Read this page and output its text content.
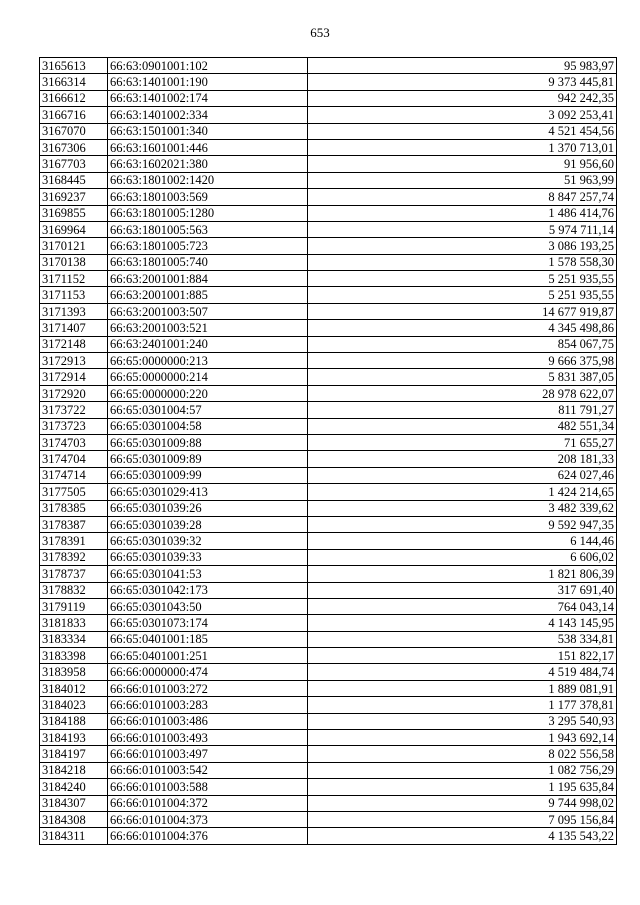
653
3165613	66:63:0901001:102	95 983,97
3166314	66:63:1401001:190	9 373 445,81
3166612	66:63:1401002:174	942 242,35
3166716	66:63:1401002:334	3 092 253,41
3167070	66:63:1501001:340	4 521 454,56
3167306	66:63:1601001:446	1 370 713,01
3167703	66:63:1602021:380	91 956,60
3168445	66:63:1801002:1420	51 963,99
3169237	66:63:1801003:569	8 847 257,74
3169855	66:63:1801005:1280	1 486 414,76
3169964	66:63:1801005:563	5 974 711,14
3170121	66:63:1801005:723	3 086 193,25
3170138	66:63:1801005:740	1 578 558,30
3171152	66:63:2001001:884	5 251 935,55
3171153	66:63:2001001:885	5 251 935,55
3171393	66:63:2001003:507	14 677 919,87
3171407	66:63:2001003:521	4 345 498,86
3172148	66:63:2401001:240	854 067,75
3172913	66:65:0000000:213	9 666 375,98
3172914	66:65:0000000:214	5 831 387,05
3172920	66:65:0000000:220	28 978 622,07
3173722	66:65:0301004:57	811 791,27
3173723	66:65:0301004:58	482 551,34
3174703	66:65:0301009:88	71 655,27
3174704	66:65:0301009:89	208 181,33
3174714	66:65:0301009:99	624 027,46
3177505	66:65:0301029:413	1 424 214,65
3178385	66:65:0301039:26	3 482 339,62
3178387	66:65:0301039:28	9 592 947,35
3178391	66:65:0301039:32	6 144,46
3178392	66:65:0301039:33	6 606,02
3178737	66:65:0301041:53	1 821 806,39
3178832	66:65:0301042:173	317 691,40
3179119	66:65:0301043:50	764 043,14
3181833	66:65:0301073:174	4 143 145,95
3183334	66:65:0401001:185	538 334,81
3183398	66:65:0401001:251	151 822,17
3183958	66:66:0000000:474	4 519 484,74
3184012	66:66:0101003:272	1 889 081,91
3184023	66:66:0101003:283	1 177 378,81
3184188	66:66:0101003:486	3 295 540,93
3184193	66:66:0101003:493	1 943 692,14
3184197	66:66:0101003:497	8 022 556,58
3184218	66:66:0101003:542	1 082 756,29
3184240	66:66:0101003:588	1 195 635,84
3184307	66:66:0101004:372	9 744 998,02
3184308	66:66:0101004:373	7 095 156,84
3184311	66:66:0101004:376	4 135 543,22
